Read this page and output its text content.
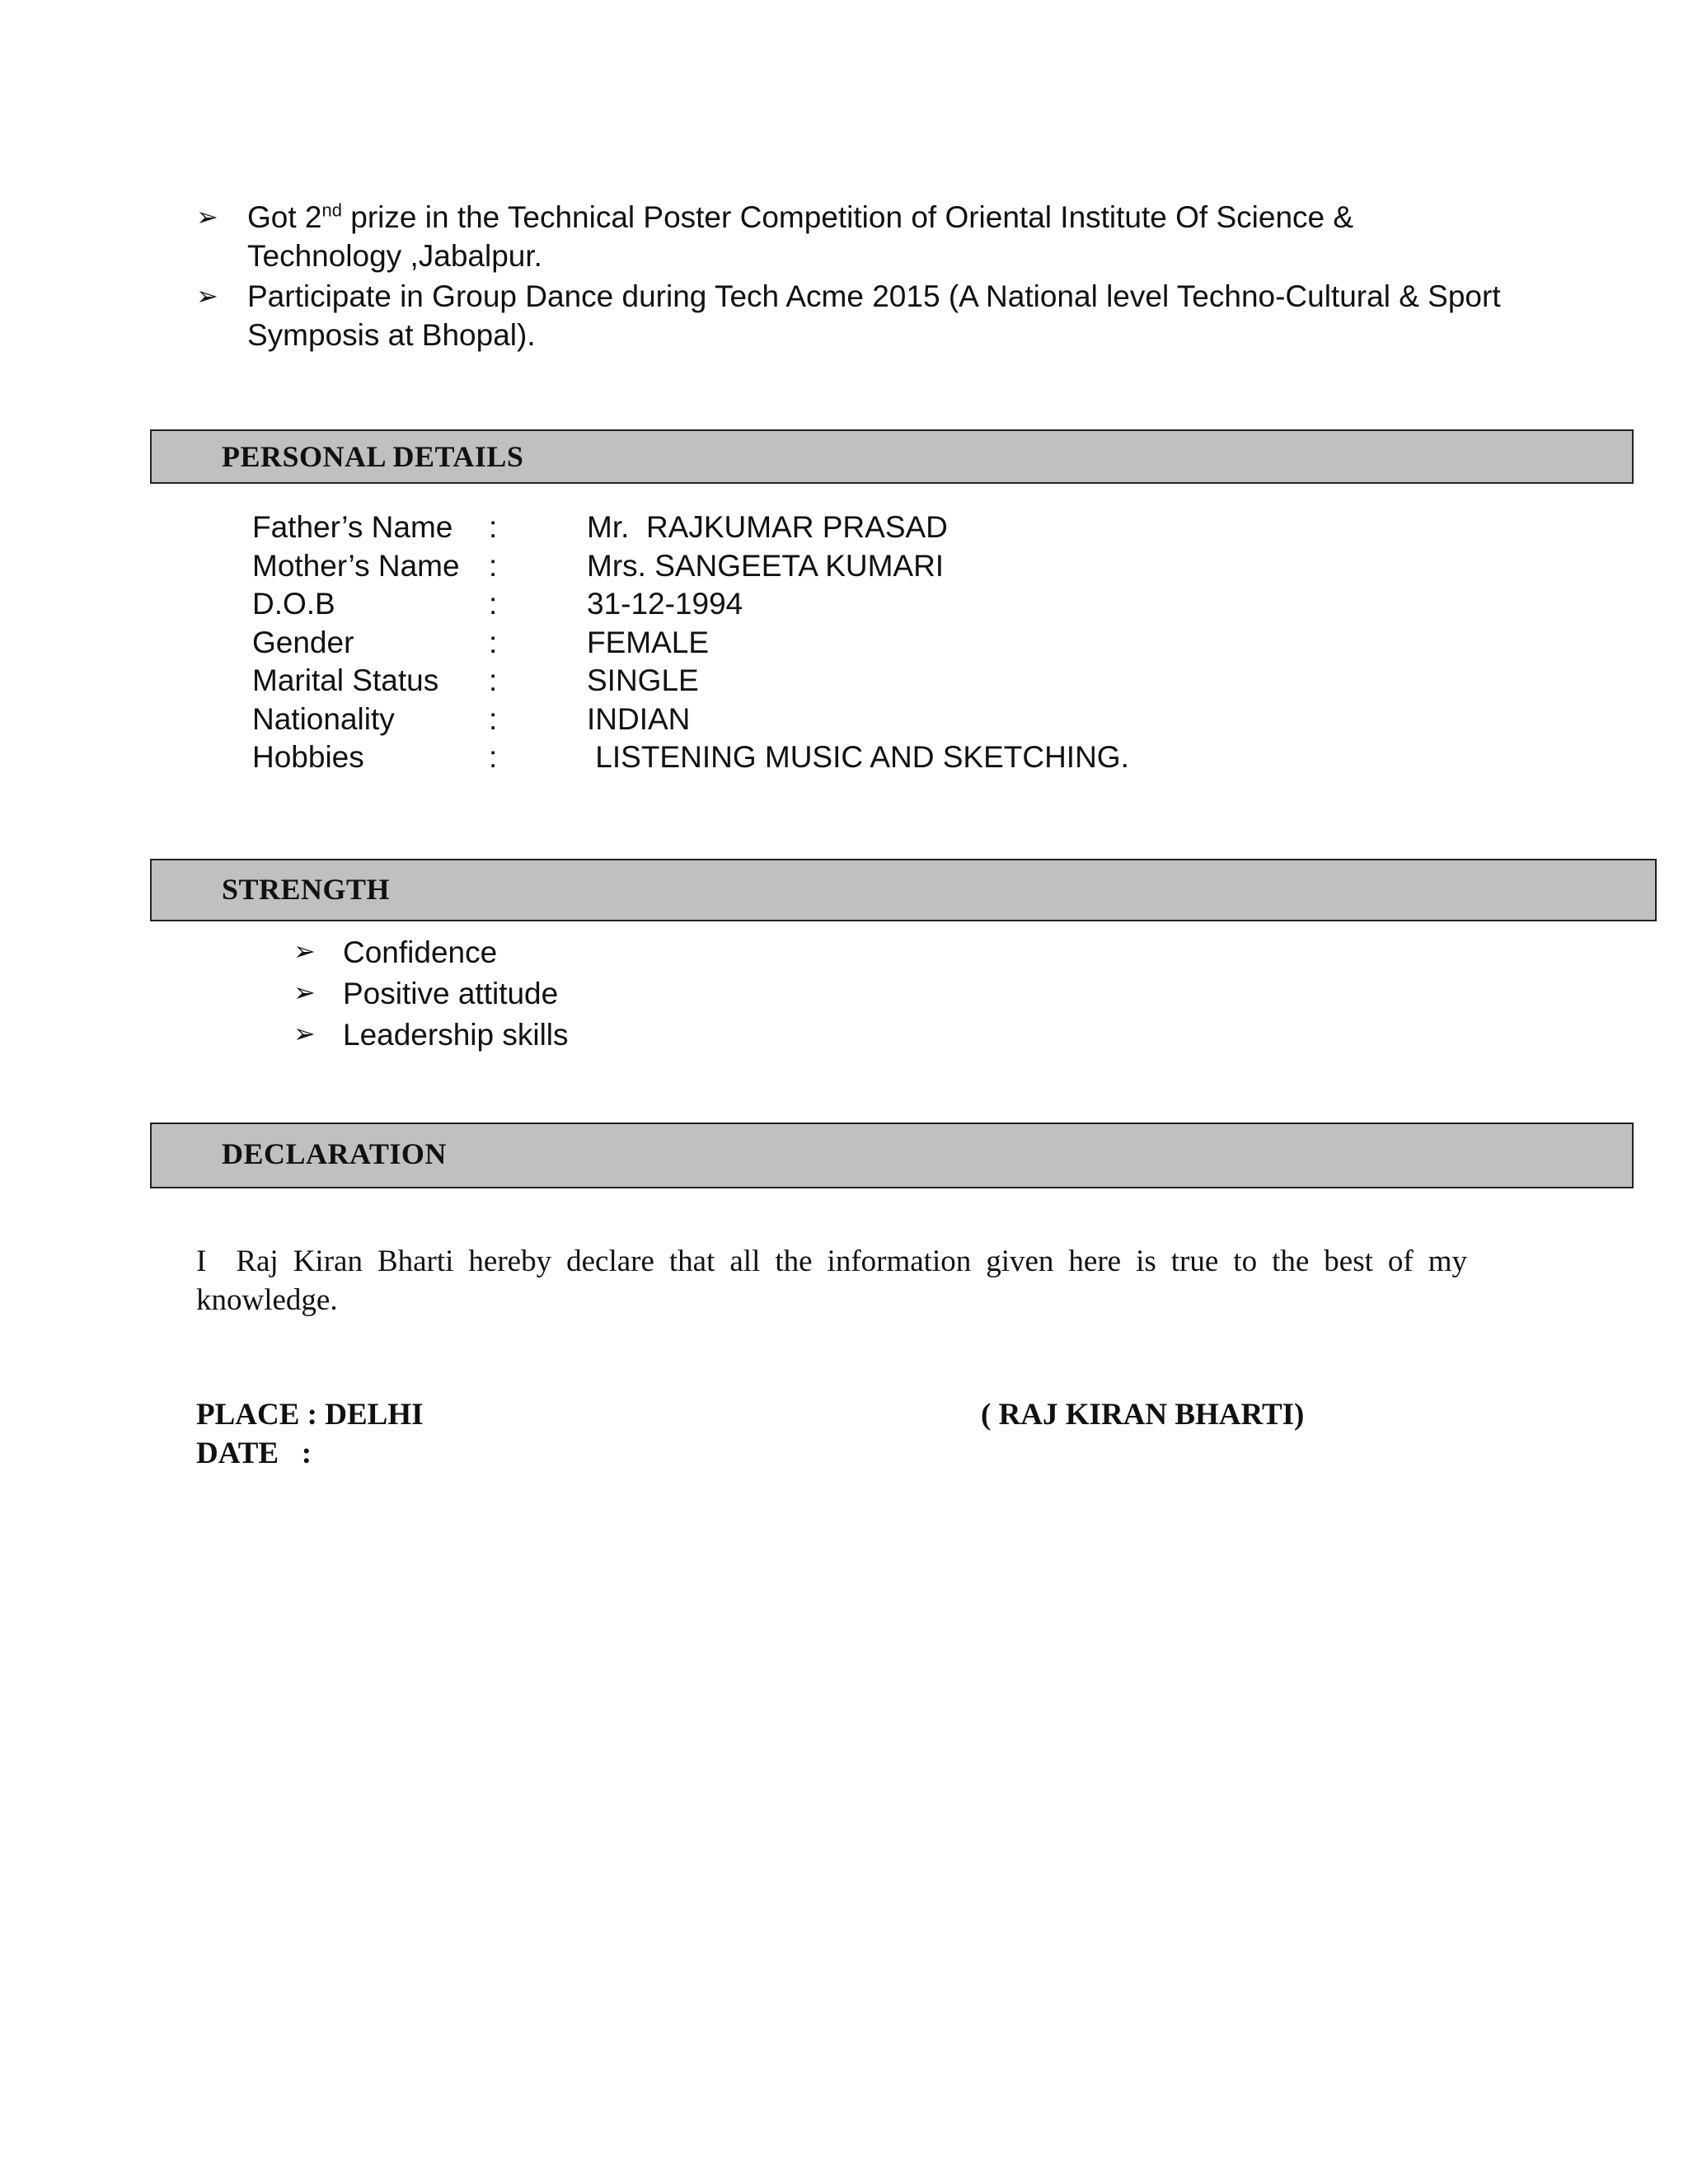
➢ Got 2nd prize in the Technical Poster Competition of Oriental Institute Of Science & Technology ,Jabalpur.
➢ Participate in Group Dance during Tech Acme 2015 (A National level Techno-Cultural & Sport Symposis at Bhopal).
PERSONAL DETAILS
Father’s Name :	Mr.  RAJKUMAR PRASAD
Mother’s Name :	Mrs. SANGEETA KUMARI
D.O.B	:	31-12-1994
Gender	:	FEMALE
Marital Status :	SINGLE
Nationality	:	INDIAN
Hobbies	:	LISTENING MUSIC AND SKETCHING.
STRENGTH
➢ Confidence
➢ Positive attitude
➢ Leadership skills
DECLARATION
I  Raj Kiran Bharti hereby declare that all the information given here is true to the best of my knowledge.
PLACE : DELHI
DATE   :
( RAJ KIRAN BHARTI)
